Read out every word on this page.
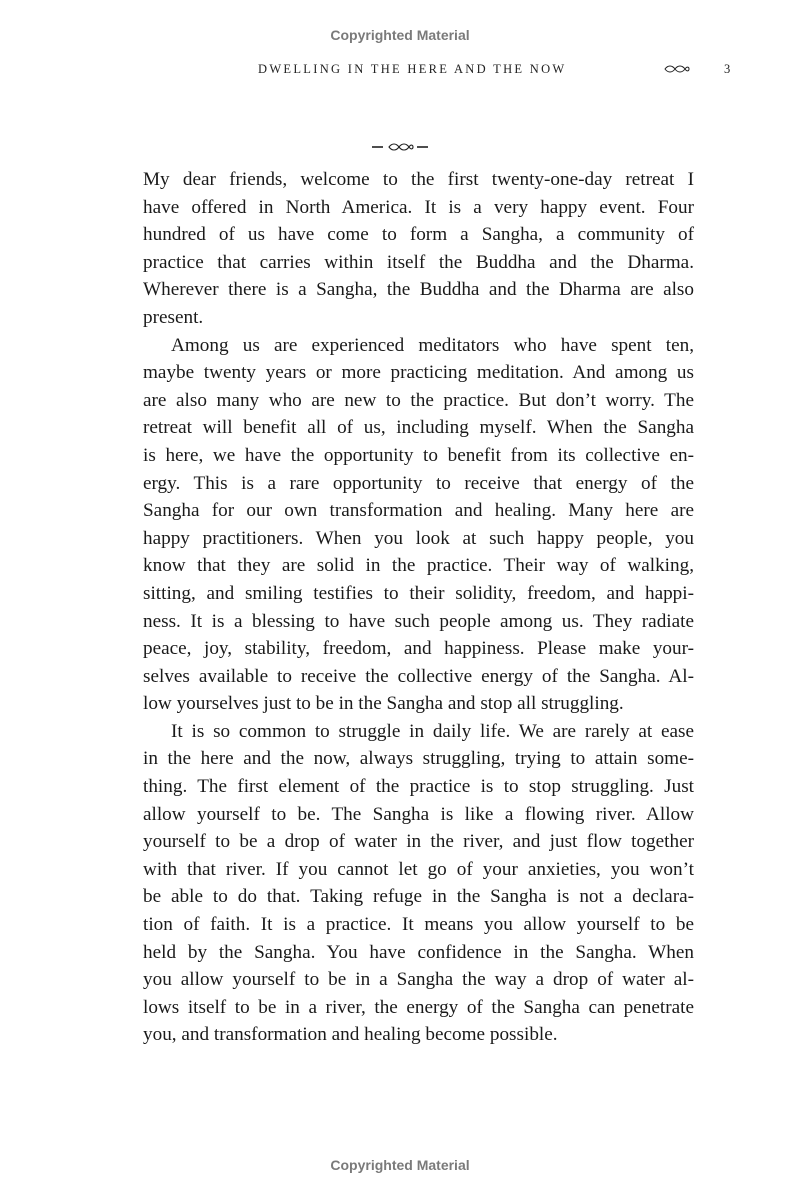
Copyrighted Material
DWELLING IN THE HERE AND THE NOW	3

My dear friends, welcome to the first twenty-one-day retreat I
have offered in North America. It is a very happy event. Four
hundred of us have come to form a Sangha, a community of
practice that carries within itself the Buddha and the Dharma.
Wherever there is a Sangha, the Buddha and the Dharma are also
present.

Among us are experienced meditators who have spent ten,
maybe twenty years or more practicing meditation. And among us
are also many who are new to the practice. But don’t worry. The
retreat will benefit all of us, including myself. When the Sangha
is here, we have the opportunity to benefit from its collective en-
ergy. This is a rare opportunity to receive that energy of the
Sangha for our own transformation and healing. Many here are
happy practitioners. When you look at such happy people, you
know that they are solid in the practice. Their way of walking,
sitting, and smiling testifies to their solidity, freedom, and happi-
ness. It is a blessing to have such people among us. They radiate
peace, joy, stability, freedom, and happiness. Please make your-
selves available to receive the collective energy of the Sangha. Al-
low yourselves just to be in the Sangha and stop all struggling.

It is so common to struggle in daily life. We are rarely at ease
in the here and the now, always struggling, trying to attain some-
thing. The first element of the practice is to stop struggling. Just
allow yourself to be. The Sangha is like a flowing river. Allow
yourself to be a drop of water in the river, and just flow together
with that river. If you cannot let go of your anxieties, you won’t
be able to do that. Taking refuge in the Sangha is not a declara-
tion of faith. It is a practice. It means you allow yourself to be
held by the Sangha. You have confidence in the Sangha. When
you allow yourself to be in a Sangha the way a drop of water al-
lows itself to be in a river, the energy of the Sangha can penetrate
you, and transformation and healing become possible.

Copyrighted Material
